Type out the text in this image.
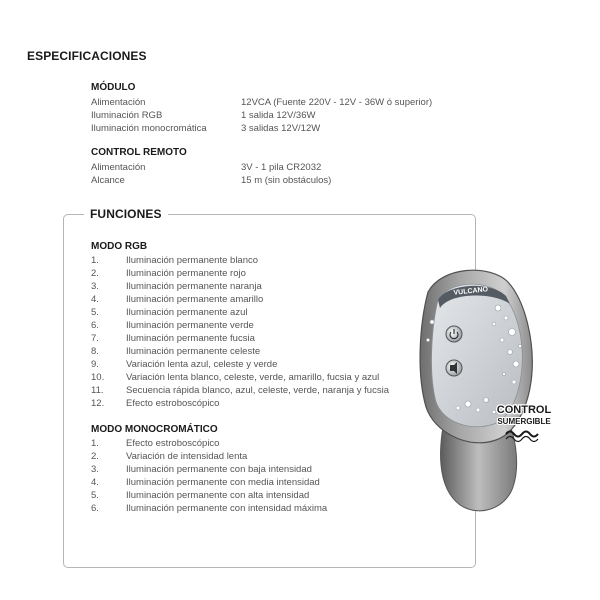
ESPECIFICACIONES
MÓDULO
Alimentación	12VCA (Fuente 220V - 12V - 36W ó superior)
Iluminación RGB	1 salida 12V/36W
Iluminación monocromática	3 salidas 12V/12W
CONTROL REMOTO
Alimentación	3V - 1 pila CR2032
Alcance	15 m (sin obstáculos)
FUNCIONES
MODO RGB
1.	Iluminación permanente blanco
2.	Iluminación permanente rojo
3.	Iluminación permanente naranja
4.	Iluminación permanente amarillo
5.	Iluminación permanente azul
6.	Iluminación permanente verde
7.	Iluminación permanente fucsia
8.	Iluminación permanente celeste
9.	Variación lenta azul, celeste y verde
10. Variación lenta blanco, celeste, verde, amarillo, fucsia y azul
11. Secuencia rápida blanco, azul, celeste, verde, naranja y fucsia
12. Efecto estroboscópico
MODO MONOCROMÁTICO
1.	Efecto estroboscópico
2.	Variación de intensidad lenta
3.	Iluminación permanente con baja intensidad
4.	Iluminación permanente con media intensidad
5.	Iluminación permanente con alta intensidad
6.	Iluminación permanente con intensidad máxima
VULCANO
CONTROL
SUMERGIBLE
